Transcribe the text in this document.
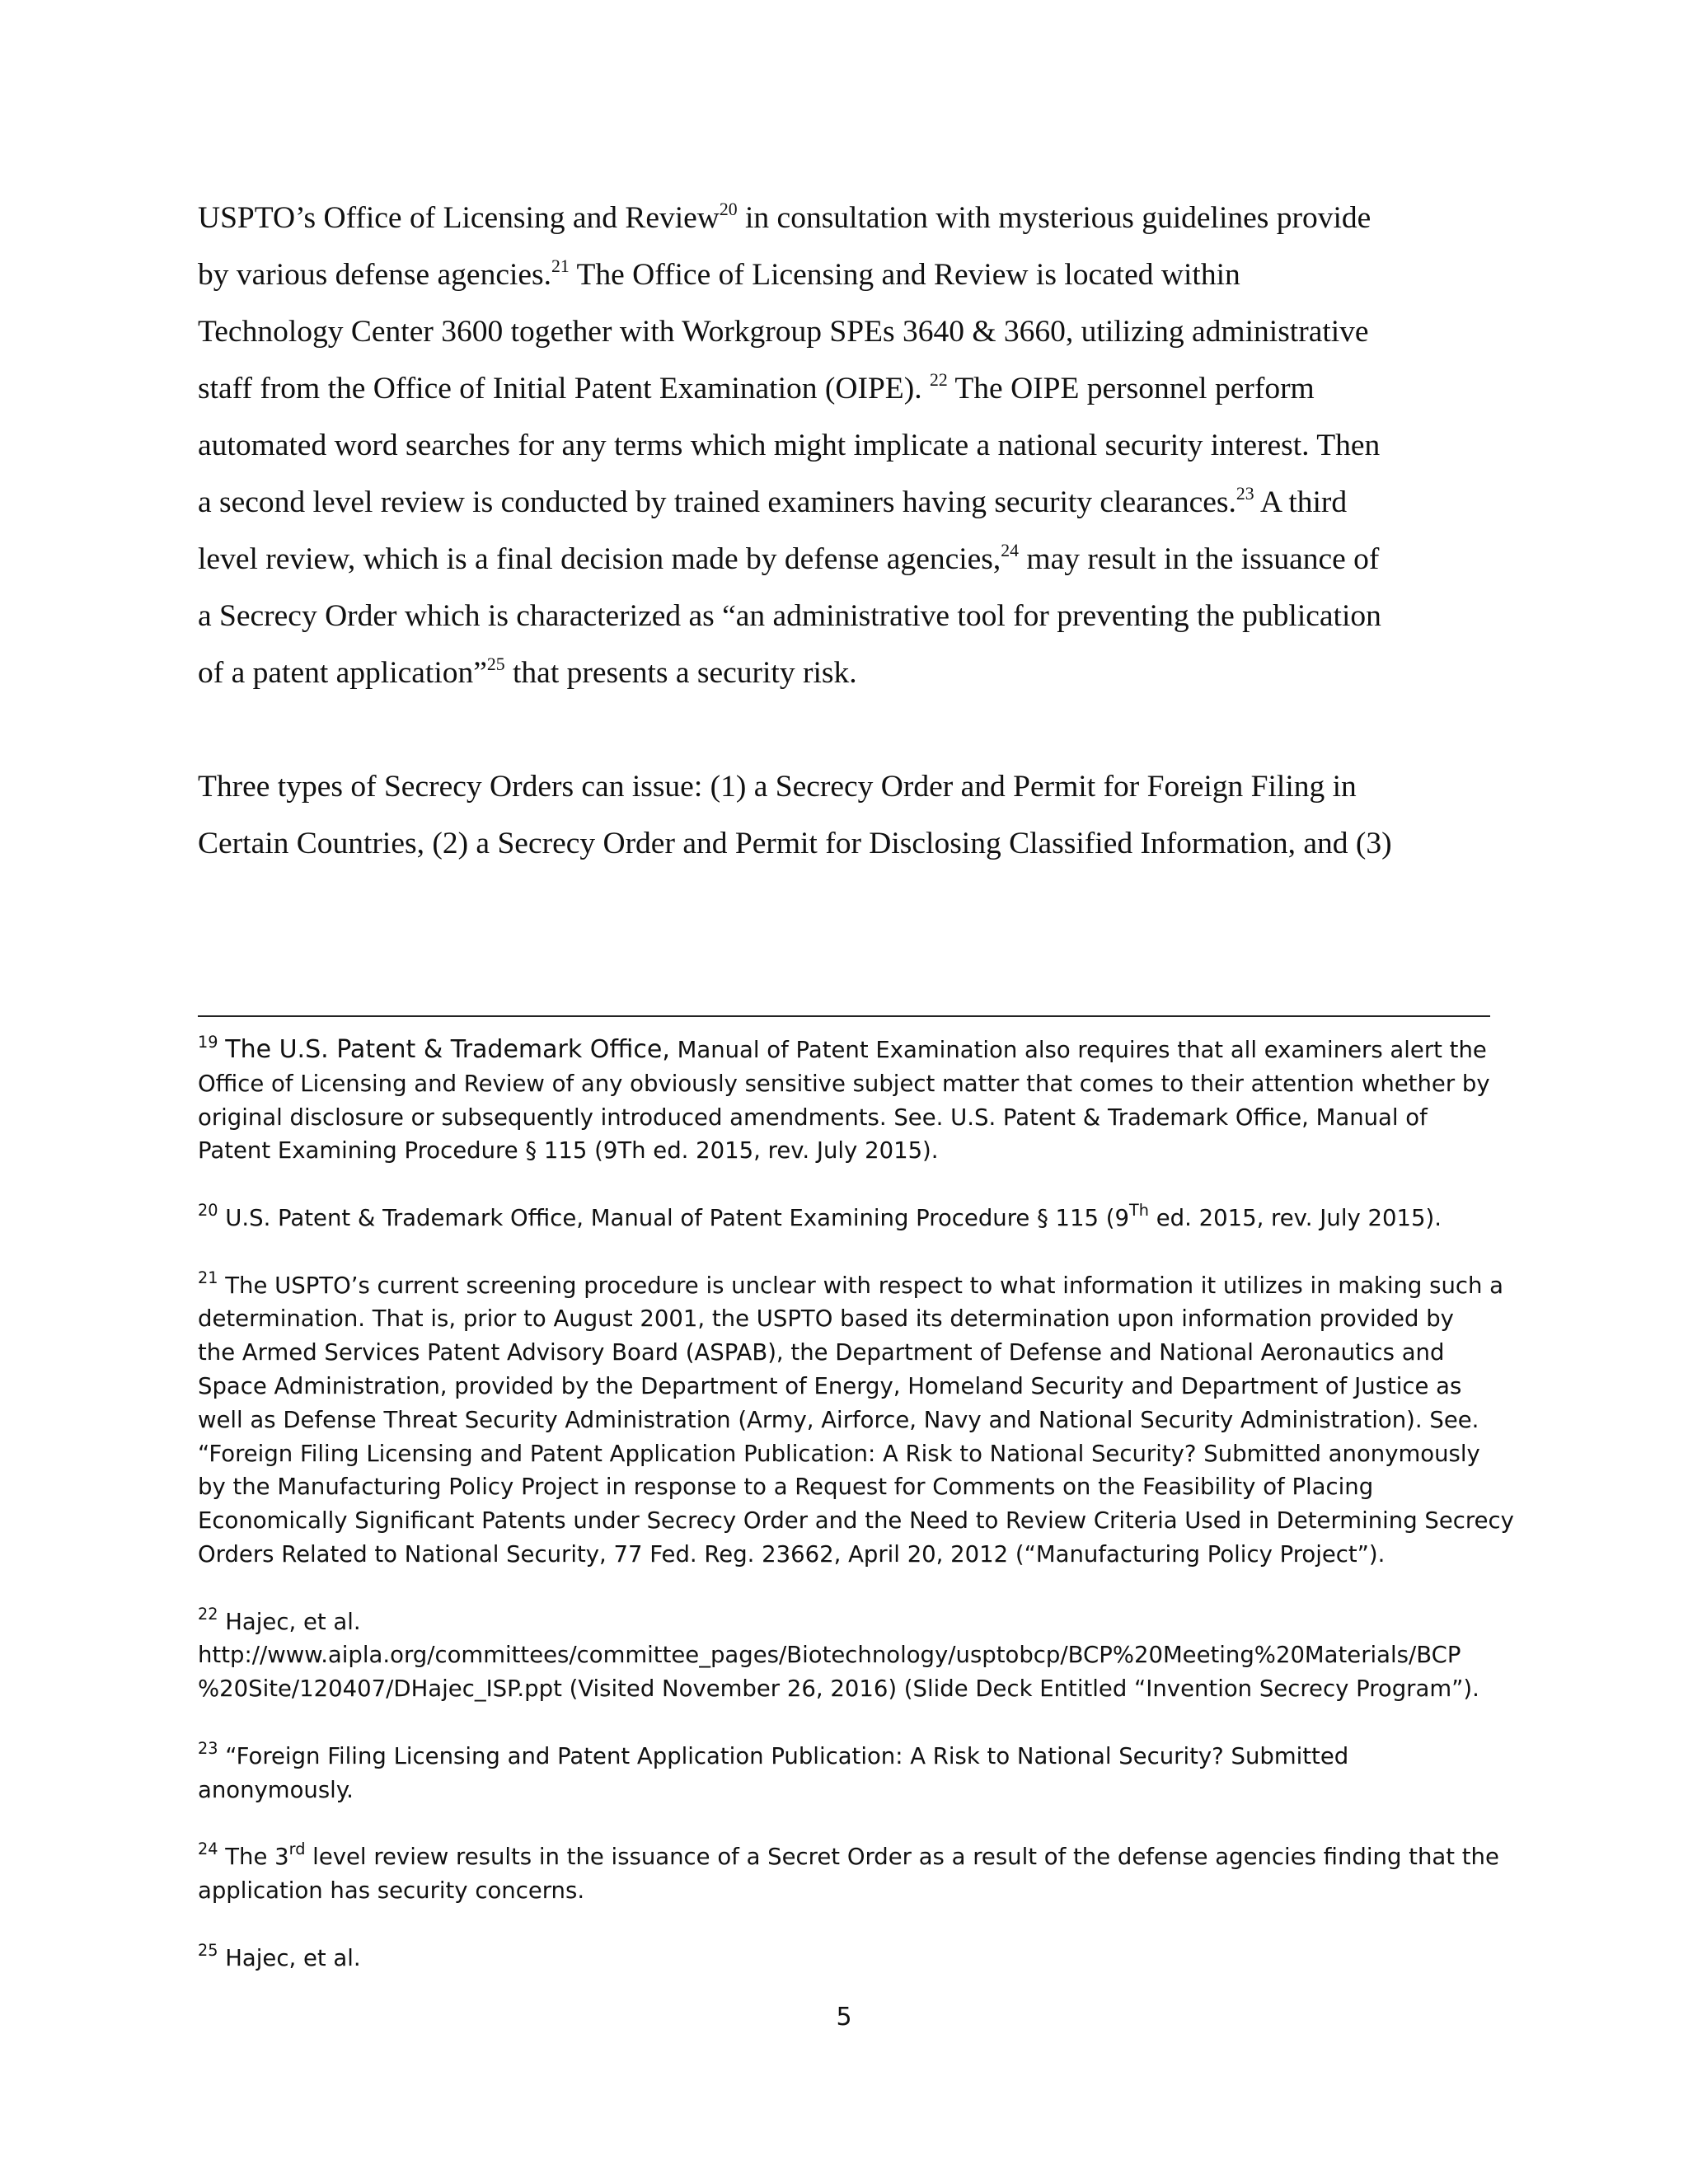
USPTO’s Office of Licensing and Review$^{20}$ in consultation with mysterious guidelines provide

by various defense agencies.$^{21}$ The Office of Licensing and Review is located within

Technology Center 3600 together with Workgroup SPEs 3640 & 3660, utilizing administrative

staff from the Office of Initial Patent Examination (OIPE). $^{22}$ The OIPE personnel perform

automated word searches for any terms which might implicate a national security interest. Then

a second level review is conducted by trained examiners having security clearances.$^{23}$ A third

level review, which is a final decision made by defense agencies,$^{24}$ may result in the issuance of

a Secrecy Order which is characterized as “an administrative tool for preventing the publication

of a patent application”$^{25}$ that presents a security risk.

Three types of Secrecy Orders can issue: (1) a Secrecy Order and Permit for Foreign Filing in

Certain Countries, (2) a Secrecy Order and Permit for Disclosing Classified Information, and (3)

$^{19}$ The U.S. Patent & Trademark Office, Manual of Patent Examination also requires that all examiners alert the
Office of Licensing and Review of any obviously sensitive subject matter that comes to their attention whether by
original disclosure or subsequently introduced amendments. See. U.S. Patent & Trademark Office, Manual of
Patent Examining Procedure § 115 (9Th ed. 2015, rev. July 2015).
$^{20}$ U.S. Patent & Trademark Office, Manual of Patent Examining Procedure § 115 (9Th ed. 2015, rev. July 2015).
$^{21}$ The USPTO’s current screening procedure is unclear with respect to what information it utilizes in making such a
determination. That is, prior to August 2001, the USPTO based its determination upon information provided by
the Armed Services Patent Advisory Board (ASPAB), the Department of Defense and National Aeronautics and
Space Administration, provided by the Department of Energy, Homeland Security and Department of Justice as
well as Defense Threat Security Administration (Army, Airforce, Navy and National Security Administration). See.
“Foreign Filing Licensing and Patent Application Publication: A Risk to National Security? Submitted anonymously
by the Manufacturing Policy Project in response to a Request for Comments on the Feasibility of Placing
Economically Significant Patents under Secrecy Order and the Need to Review Criteria Used in Determining Secrecy
Orders Related to National Security, 77 Fed. Reg. 23662, April 20, 2012 (“Manufacturing Policy Project”).
$^{22}$ Hajec, et al.
http://www.aipla.org/committees/committee_pages/Biotechnology/usptobcp/BCP%20Meeting%20Materials/BCP
%20Site/120407/DHajec_ISP.ppt (Visited November 26, 2016) (Slide Deck Entitled “Invention Secrecy Program”).
$^{23}$ “Foreign Filing Licensing and Patent Application Publication: A Risk to National Security? Submitted
anonymously.
$^{24}$ The 3rd level review results in the issuance of a Secret Order as a result of the defense agencies finding that the
application has security concerns.
$^{25}$ Hajec, et al.
5
